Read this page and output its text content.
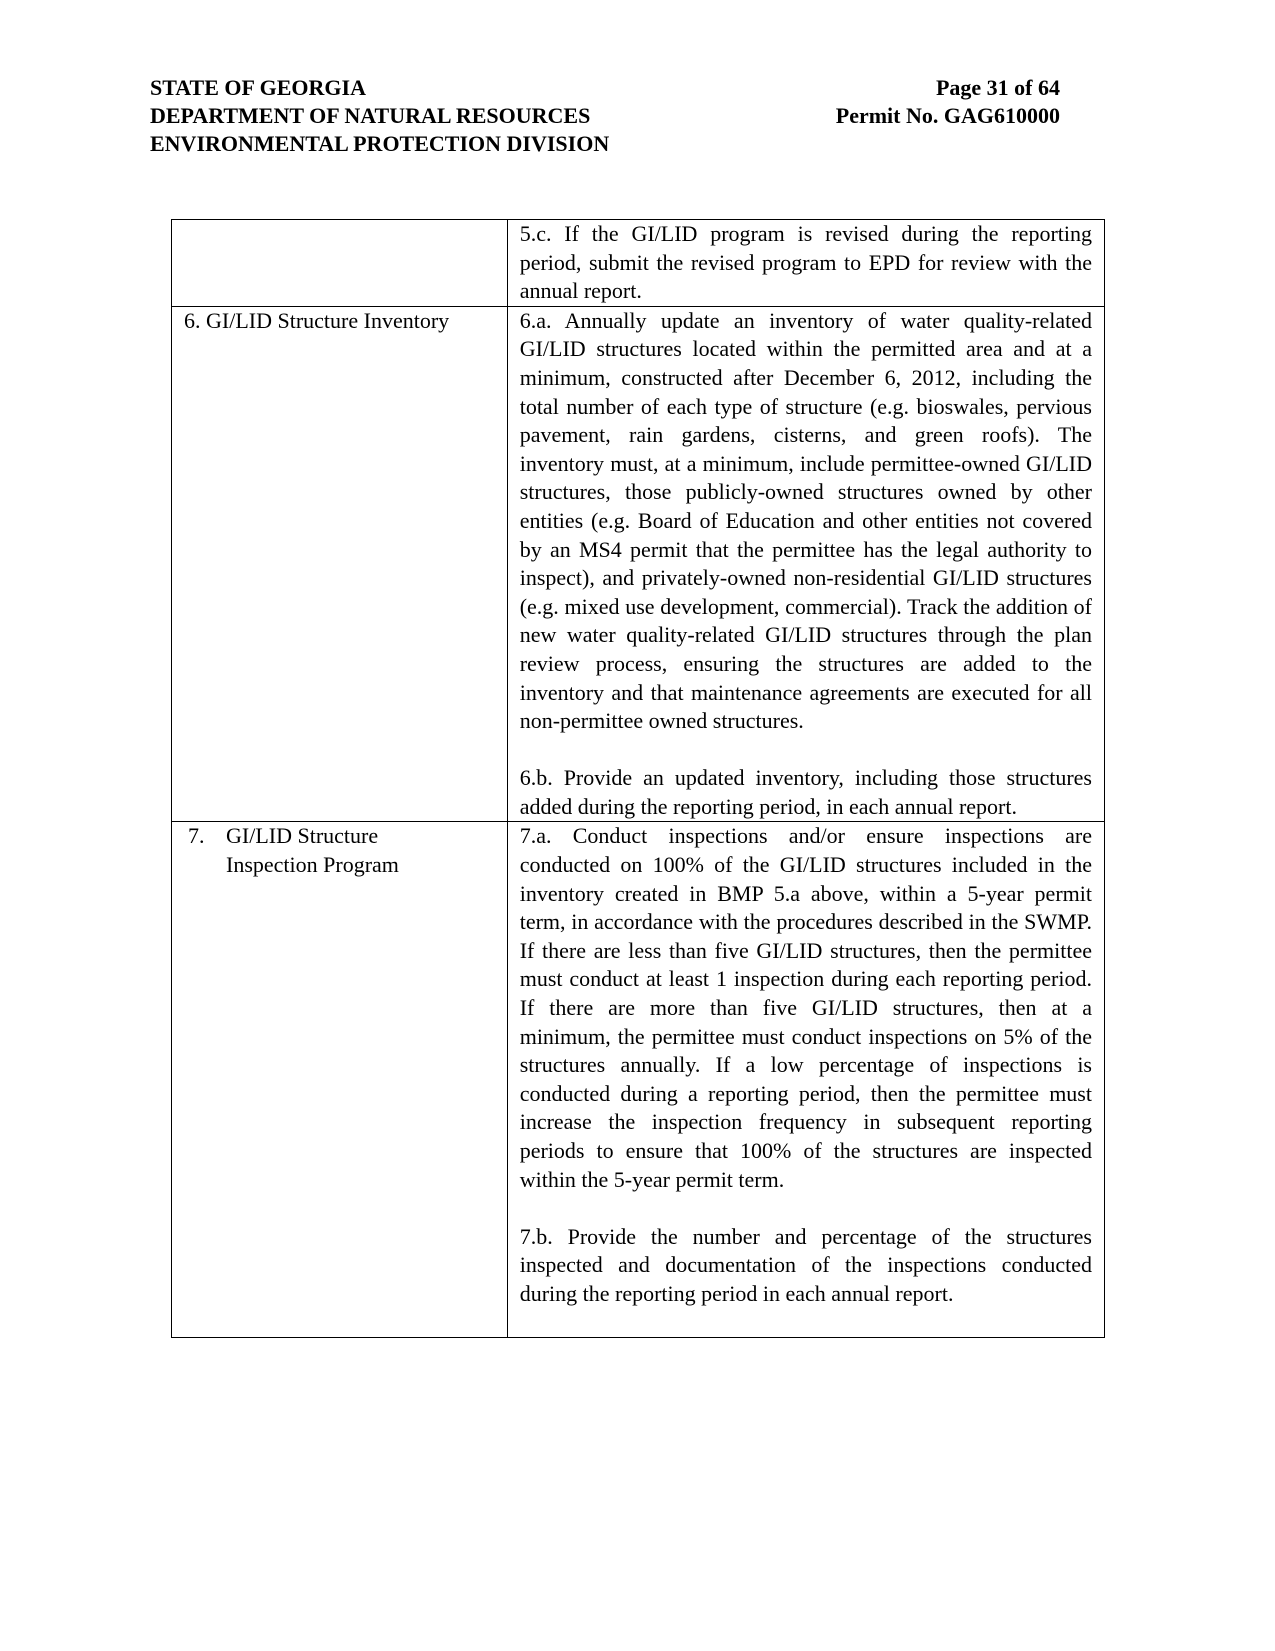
STATE OF GEORGIA
DEPARTMENT OF NATURAL RESOURCES
ENVIRONMENTAL PROTECTION DIVISION
Page 31 of 64
Permit No. GAG610000

	5.c. If the GI/LID program is revised during the reporting period, submit the revised program to EPD for review with the annual report.

6. GI/LID Structure Inventory	6.a. Annually update an inventory of water quality-related GI/LID structures located within the permitted area and at a minimum, constructed after December 6, 2012, including the total number of each type of structure (e.g. bioswales, pervious pavement, rain gardens, cisterns, and green roofs). The inventory must, at a minimum, include permittee-owned GI/LID structures, those publicly-owned structures owned by other entities (e.g. Board of Education and other entities not covered by an MS4 permit that the permittee has the legal authority to inspect), and privately-owned non-residential GI/LID structures (e.g. mixed use development, commercial). Track the addition of new water quality-related GI/LID structures through the plan review process, ensuring the structures are added to the inventory and that maintenance agreements are executed for all non-permittee owned structures.
6.b. Provide an updated inventory, including those structures added during the reporting period, in each annual report.

7. GI/LID Structure
Inspection Program	7.a. Conduct inspections and/or ensure inspections are conducted on 100% of the GI/LID structures included in the inventory created in BMP 5.a above, within a 5-year permit term, in accordance with the procedures described in the SWMP. If there are less than five GI/LID structures, then the permittee must conduct at least 1 inspection during each reporting period. If there are more than five GI/LID structures, then at a minimum, the permittee must conduct inspections on 5% of the structures annually. If a low percentage of inspections is conducted during a reporting period, then the permittee must increase the inspection frequency in subsequent reporting periods to ensure that 100% of the structures are inspected within the 5-year permit term.
7.b. Provide the number and percentage of the structures inspected and documentation of the inspections conducted during the reporting period in each annual report.
